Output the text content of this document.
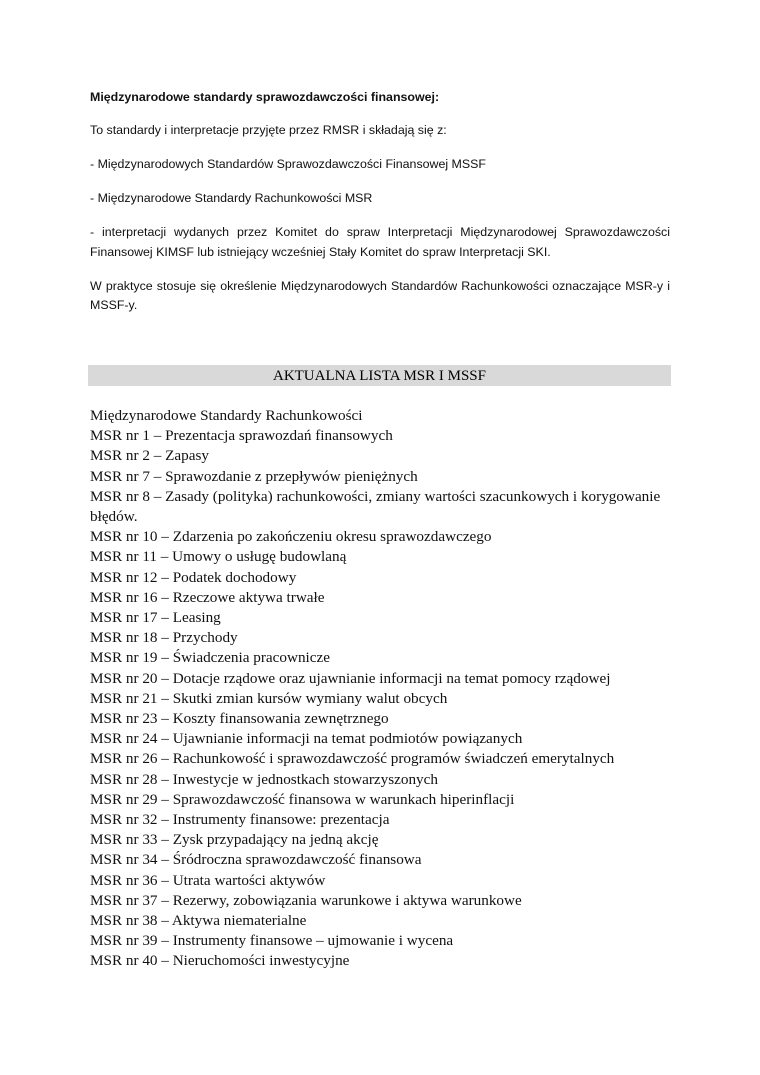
Międzynarodowe standardy sprawozdawczości finansowej:

To standardy i interpretacje przyjęte przez RMSR i składają się z:

- Międzynarodowych Standardów Sprawozdawczości Finansowej MSSF

- Międzynarodowe Standardy Rachunkowości MSR

- interpretacji wydanych przez Komitet do spraw Interpretacji Międzynarodowej Sprawozdawczości Finansowej KIMSF lub istniejący wcześniej Stały Komitet do spraw Interpretacji SKI.

W praktyce stosuje się określenie Międzynarodowych Standardów Rachunkowości oznaczające MSR-y i MSSF-y.

AKTUALNA LISTA MSR I MSSF

Międzynarodowe Standardy Rachunkowości

MSR nr 1 – Prezentacja sprawozdań finansowych
MSR nr 2 – Zapasy
MSR nr 7 – Sprawozdanie z przepływów pieniężnych
MSR nr 8 – Zasady (polityka) rachunkowości, zmiany wartości szacunkowych i korygowanie błędów.
MSR nr 10 – Zdarzenia po zakończeniu okresu sprawozdawczego
MSR nr 11 – Umowy o usługę budowlaną
MSR nr 12 – Podatek dochodowy
MSR nr 16 – Rzeczowe aktywa trwałe
MSR nr 17 – Leasing
MSR nr 18 – Przychody
MSR nr 19 – Świadczenia pracownicze
MSR nr 20 – Dotacje rządowe oraz ujawnianie informacji na temat pomocy rządowej
MSR nr 21 – Skutki zmian kursów wymiany walut obcych
MSR nr 23 – Koszty finansowania zewnętrznego
MSR nr 24 – Ujawnianie informacji na temat podmiotów powiązanych
MSR nr 26 – Rachunkowość i sprawozdawczość programów świadczeń emerytalnych
MSR nr 28 – Inwestycje w jednostkach stowarzyszonych
MSR nr 29 – Sprawozdawczość finansowa w warunkach hiperinflacji
MSR nr 32 – Instrumenty finansowe: prezentacja
MSR nr 33 – Zysk przypadający na jedną akcję
MSR nr 34 – Śródroczna sprawozdawczość finansowa
MSR nr 36 – Utrata wartości aktywów
MSR nr 37 – Rezerwy, zobowiązania warunkowe i aktywa warunkowe
MSR nr 38 – Aktywa niematerialne
MSR nr 39 – Instrumenty finansowe – ujmowanie i wycena
MSR nr 40 – Nieruchomości inwestycyjne
